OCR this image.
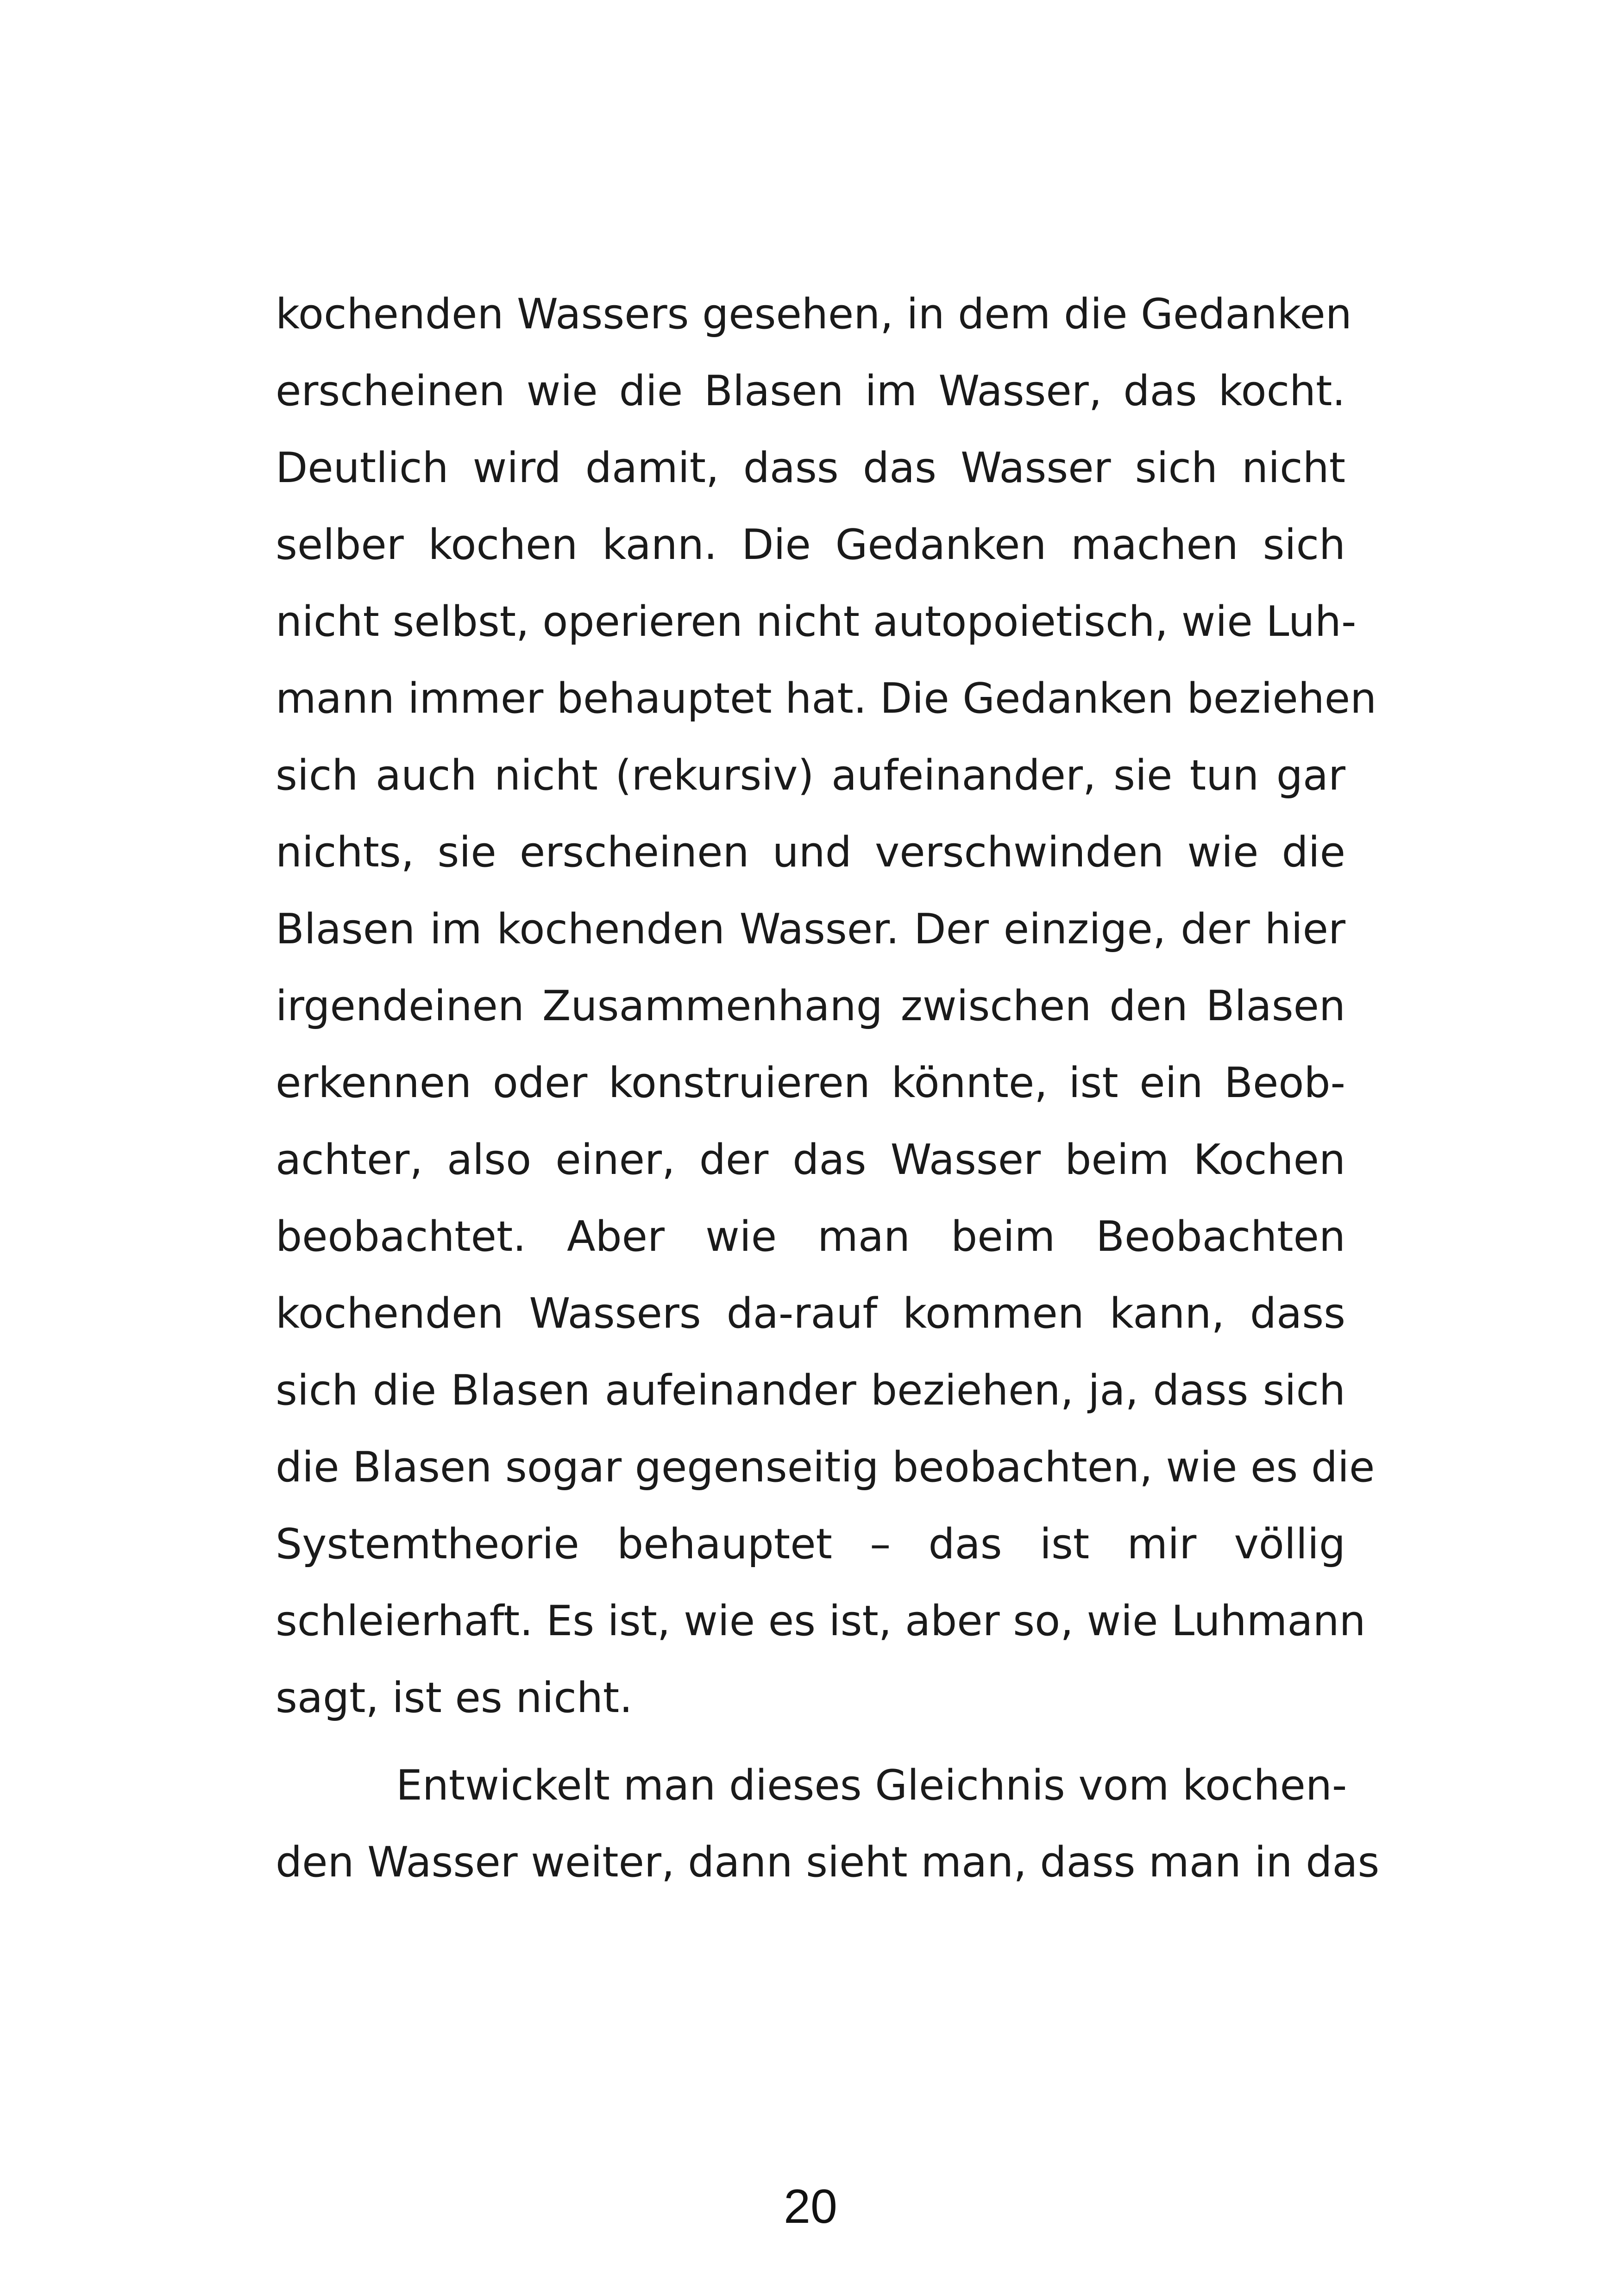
kochenden Wassers gesehen, in dem die Gedanken
erscheinen wie die Blasen im Wasser, das kocht.
Deutlich wird damit, dass das Wasser sich nicht
selber kochen kann. Die Gedanken machen sich
nicht selbst, operieren nicht autopoietisch, wie Luh-
mann immer behauptet hat. Die Gedanken beziehen
sich auch nicht (rekursiv) aufeinander, sie tun gar
nichts, sie erscheinen und verschwinden wie die
Blasen im kochenden Wasser. Der einzige, der hier
irgendeinen Zusammenhang zwischen den Blasen
erkennen oder konstruieren könnte, ist ein Beob-
achter, also einer, der das Wasser beim Kochen
beobachtet. Aber wie man beim Beobachten
kochenden Wassers da-rauf kommen kann, dass
sich die Blasen aufeinander beziehen, ja, dass sich
die Blasen sogar gegenseitig beobachten, wie es die
Systemtheorie behauptet – das ist mir völlig
schleierhaft. Es ist, wie es ist, aber so, wie Luhmann
sagt, ist es nicht.
Entwickelt man dieses Gleichnis vom kochen-
den Wasser weiter, dann sieht man, dass man in das
20
